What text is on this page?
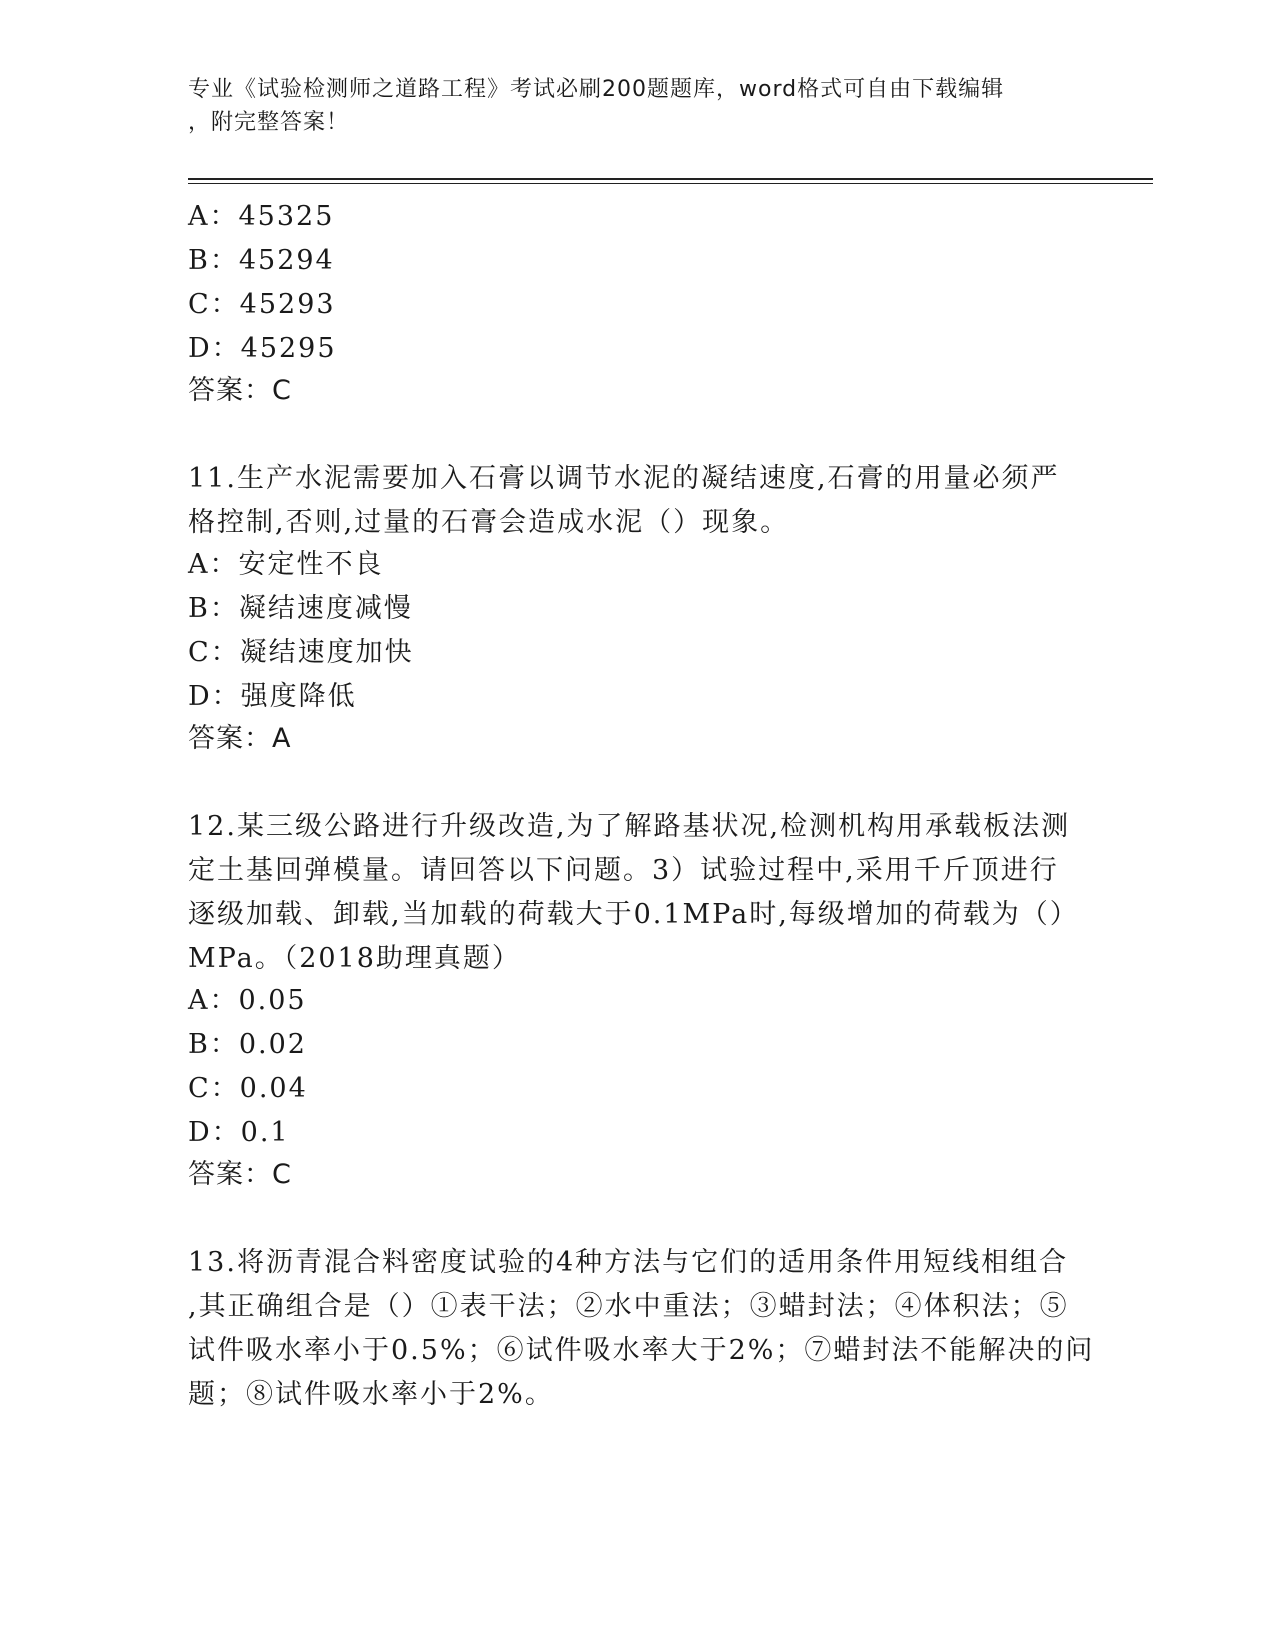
专业《试验检测师之道路工程》考试必刷200题题库，word格式可自由下载编辑
，附完整答案！
A：45325
B：45294
C：45293
D：45295
答案：C
11.生产水泥需要加入石膏以调节水泥的凝结速度,石膏的用量必须严
格控制,否则,过量的石膏会造成水泥（）现象。
A：安定性不良
B：凝结速度减慢
C：凝结速度加快
D：强度降低
答案：A
12.某三级公路进行升级改造,为了解路基状况,检测机构用承载板法测
定土基回弹模量。请回答以下问题。3）试验过程中,采用千斤顶进行
逐级加载、卸载,当加载的荷载大于0.1MPa时,每级增加的荷载为（）
MPa。（2018助理真题）
A：0.05
B：0.02
C：0.04
D：0.1
答案：C
13.将沥青混合料密度试验的4种方法与它们的适用条件用短线相组合
,其正确组合是（）①表干法；②水中重法；③蜡封法；④体积法；⑤
试件吸水率小于0.5%；⑥试件吸水率大于2%；⑦蜡封法不能解决的问
题；⑧试件吸水率小于2%。
